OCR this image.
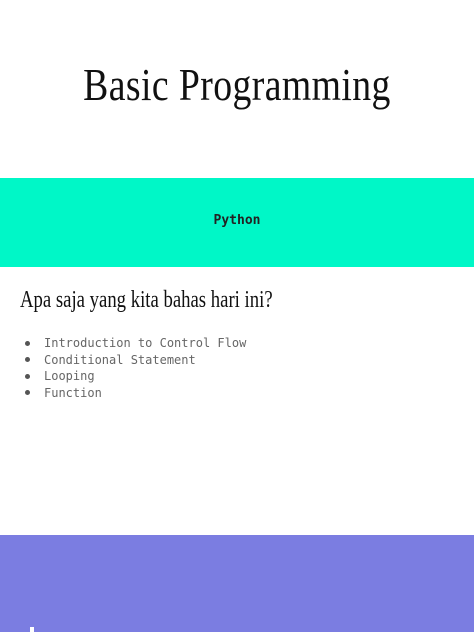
Basic Programming
Python
Apa saja yang kita bahas hari ini?
Introduction to Control Flow
Conditional Statement
Looping
Function
